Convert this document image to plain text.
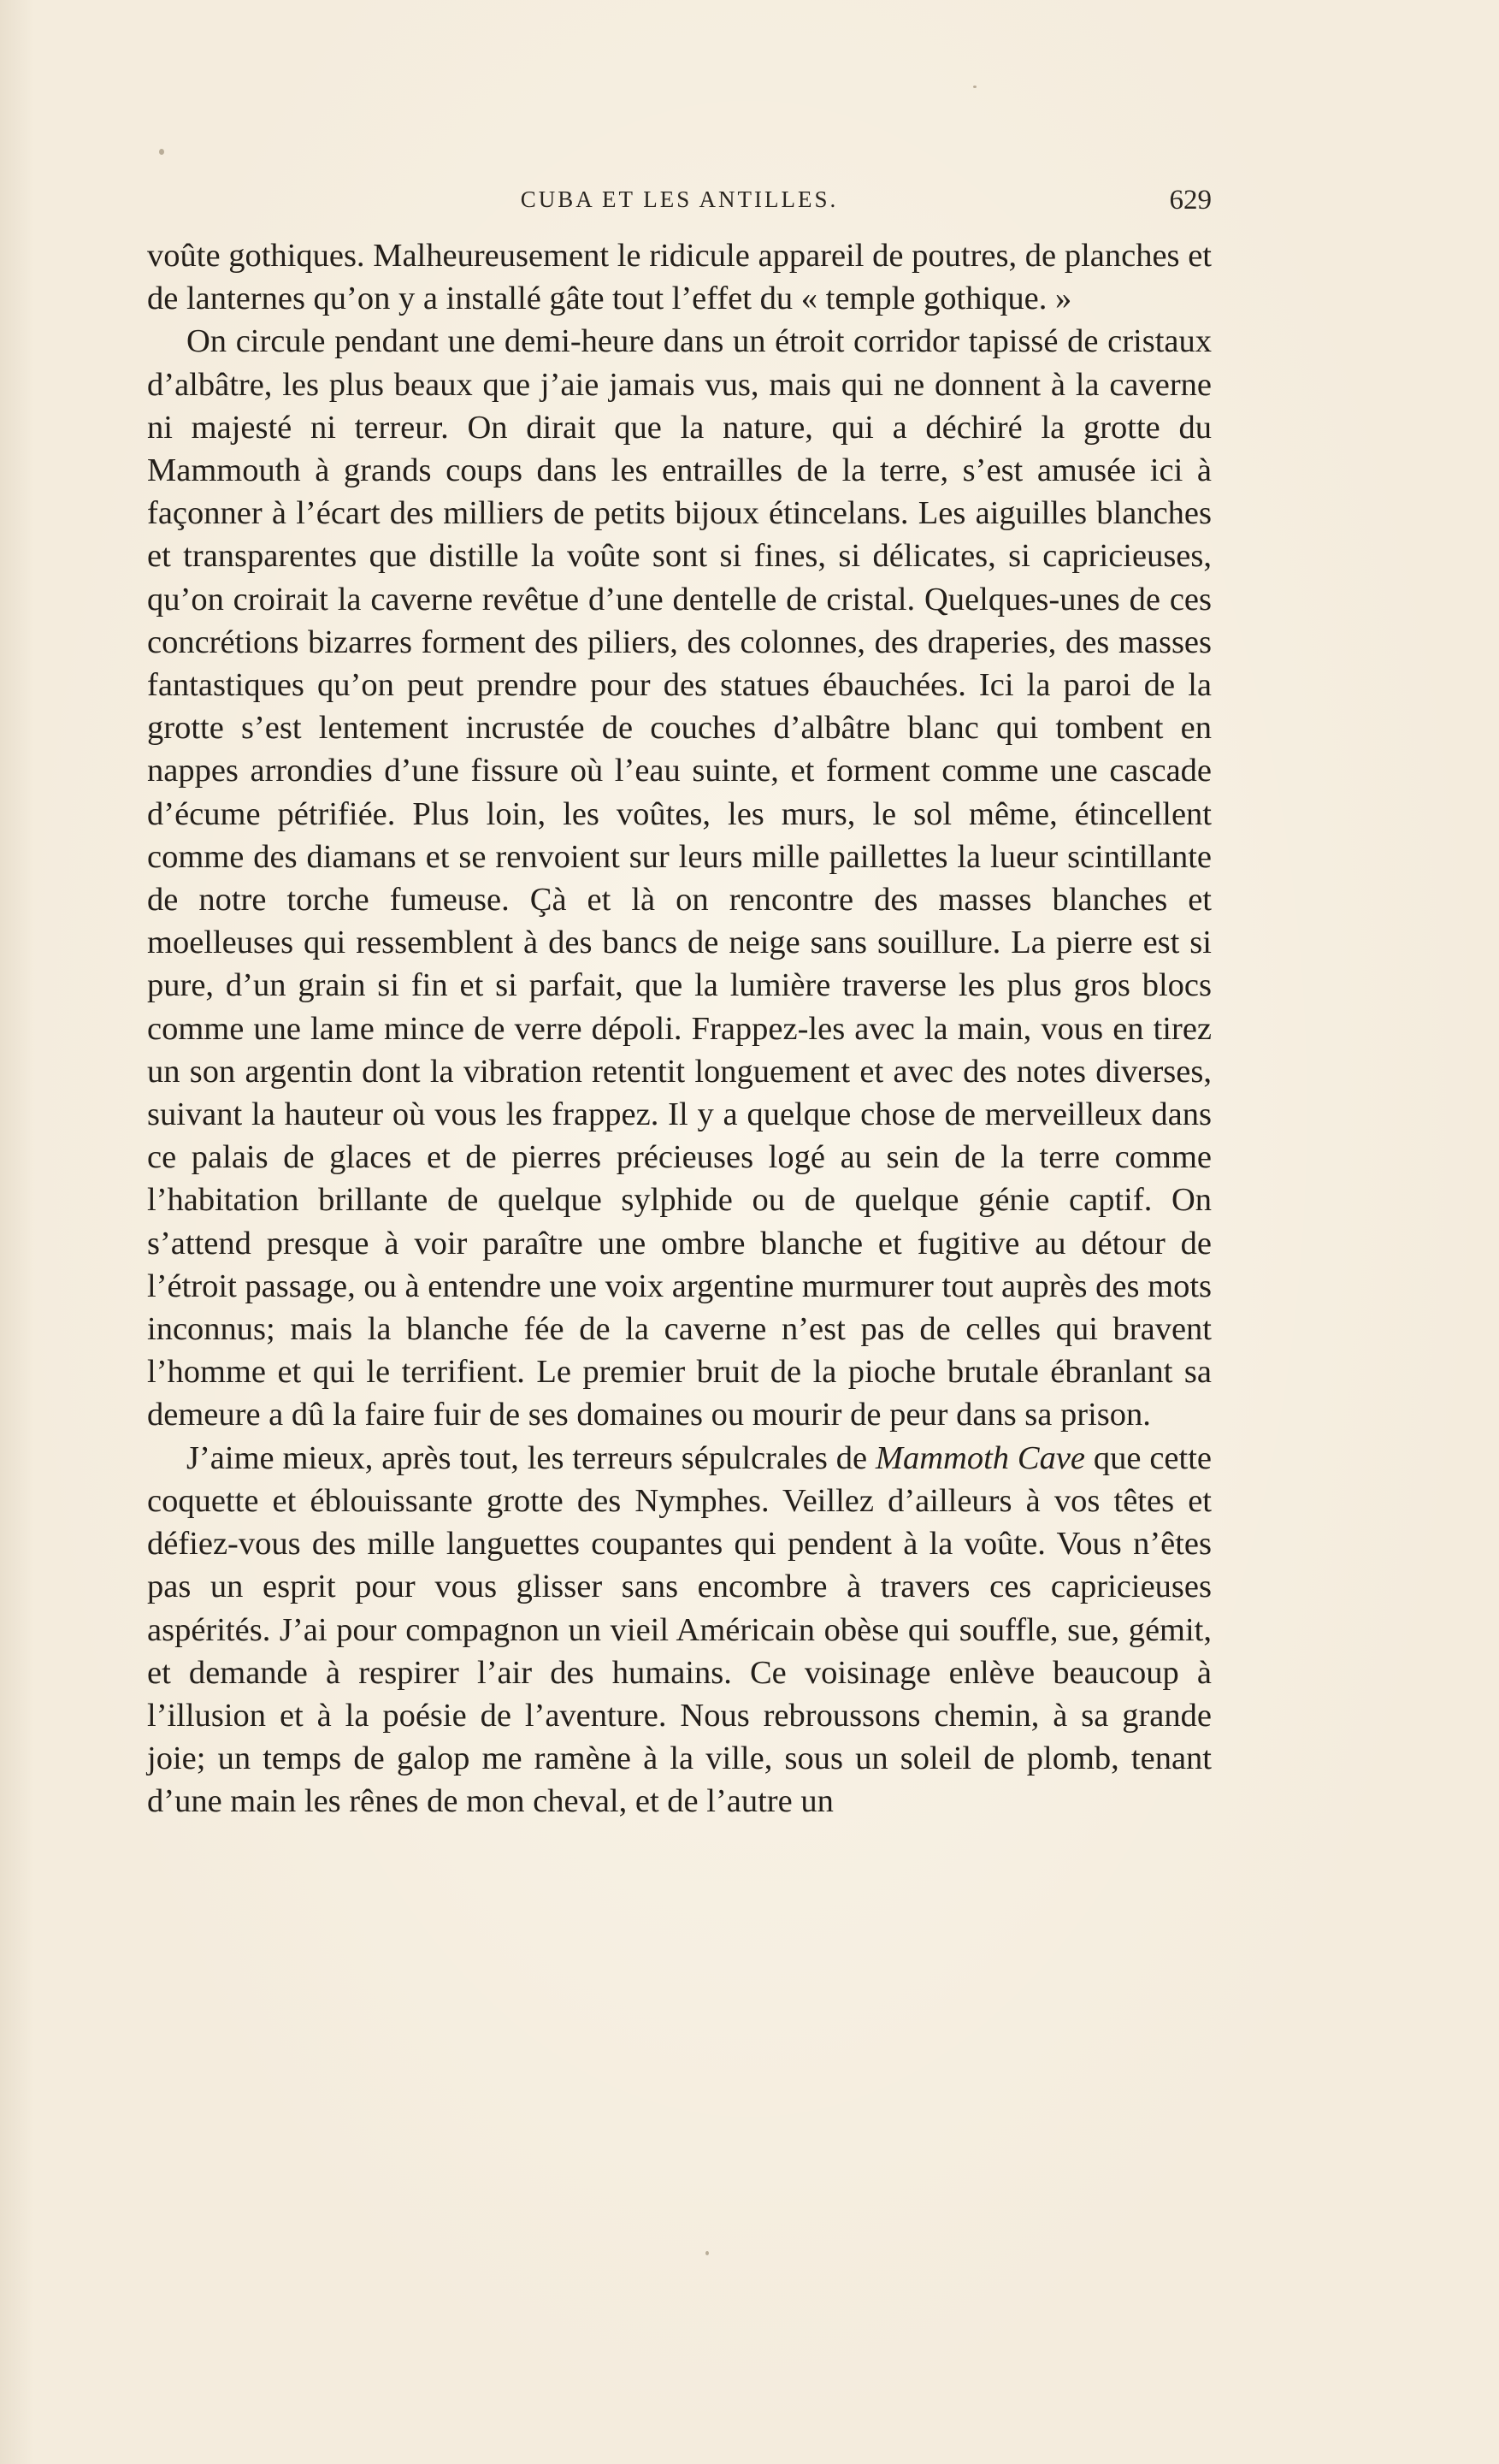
CUBA ET LES ANTILLES.	629

voûte gothiques. Malheureusement le ridicule appareil de poutres, de planches et de lanternes qu’on y a installé gâte tout l’effet du « temple gothique. »

On circule pendant une demi-heure dans un étroit corridor tapissé de cristaux d’albâtre, les plus beaux que j’aie jamais vus, mais qui ne donnent à la caverne ni majesté ni terreur. On dirait que la nature, qui a déchiré la grotte du Mammouth à grands coups dans les entrailles de la terre, s’est amusée ici à façonner à l’écart des milliers de petits bijoux étincelans. Les aiguilles blanches et transparentes que distille la voûte sont si fines, si délicates, si capricieuses, qu’on croirait la caverne revêtue d’une dentelle de cristal. Quelques-unes de ces concrétions bizarres forment des piliers, des colonnes, des draperies, des masses fantastiques qu’on peut prendre pour des statues ébauchées. Ici la paroi de la grotte s’est lentement incrustée de couches d’albâtre blanc qui tombent en nappes arrondies d’une fissure où l’eau suinte, et forment comme une cascade d’écume pétrifiée. Plus loin, les voûtes, les murs, le sol même, étincellent comme des diamans et se renvoient sur leurs mille paillettes la lueur scintillante de notre torche fumeuse. Çà et là on rencontre des masses blanches et moelleuses qui ressemblent à des bancs de neige sans souillure. La pierre est si pure, d’un grain si fin et si parfait, que la lumière traverse les plus gros blocs comme une lame mince de verre dépoli. Frappez-les avec la main, vous en tirez un son argentin dont la vibration retentit longuement et avec des notes diverses, suivant la hauteur où vous les frappez. Il y a quelque chose de merveilleux dans ce palais de glaces et de pierres précieuses logé au sein de la terre comme l’habitation brillante de quelque sylphide ou de quelque génie captif. On s’attend presque à voir paraître une ombre blanche et fugitive au détour de l’étroit passage, ou à entendre une voix argentine murmurer tout auprès des mots inconnus; mais la blanche fée de la caverne n’est pas de celles qui bravent l’homme et qui le terrifient. Le premier bruit de la pioche brutale ébranlant sa demeure a dû la faire fuir de ses domaines ou mourir de peur dans sa prison.

J’aime mieux, après tout, les terreurs sépulcrales de Mammoth Cave que cette coquette et éblouissante grotte des Nymphes. Veillez d’ailleurs à vos têtes et défiez-vous des mille languettes coupantes qui pendent à la voûte. Vous n’êtes pas un esprit pour vous glisser sans encombre à travers ces capricieuses aspérités. J’ai pour compagnon un vieil Américain obèse qui souffle, sue, gémit, et demande à respirer l’air des humains. Ce voisinage enlève beaucoup à l’illusion et à la poésie de l’aventure. Nous rebroussons chemin, à sa grande joie; un temps de galop me ramène à la ville, sous un soleil de plomb, tenant d’une main les rênes de mon cheval, et de l’autre un
